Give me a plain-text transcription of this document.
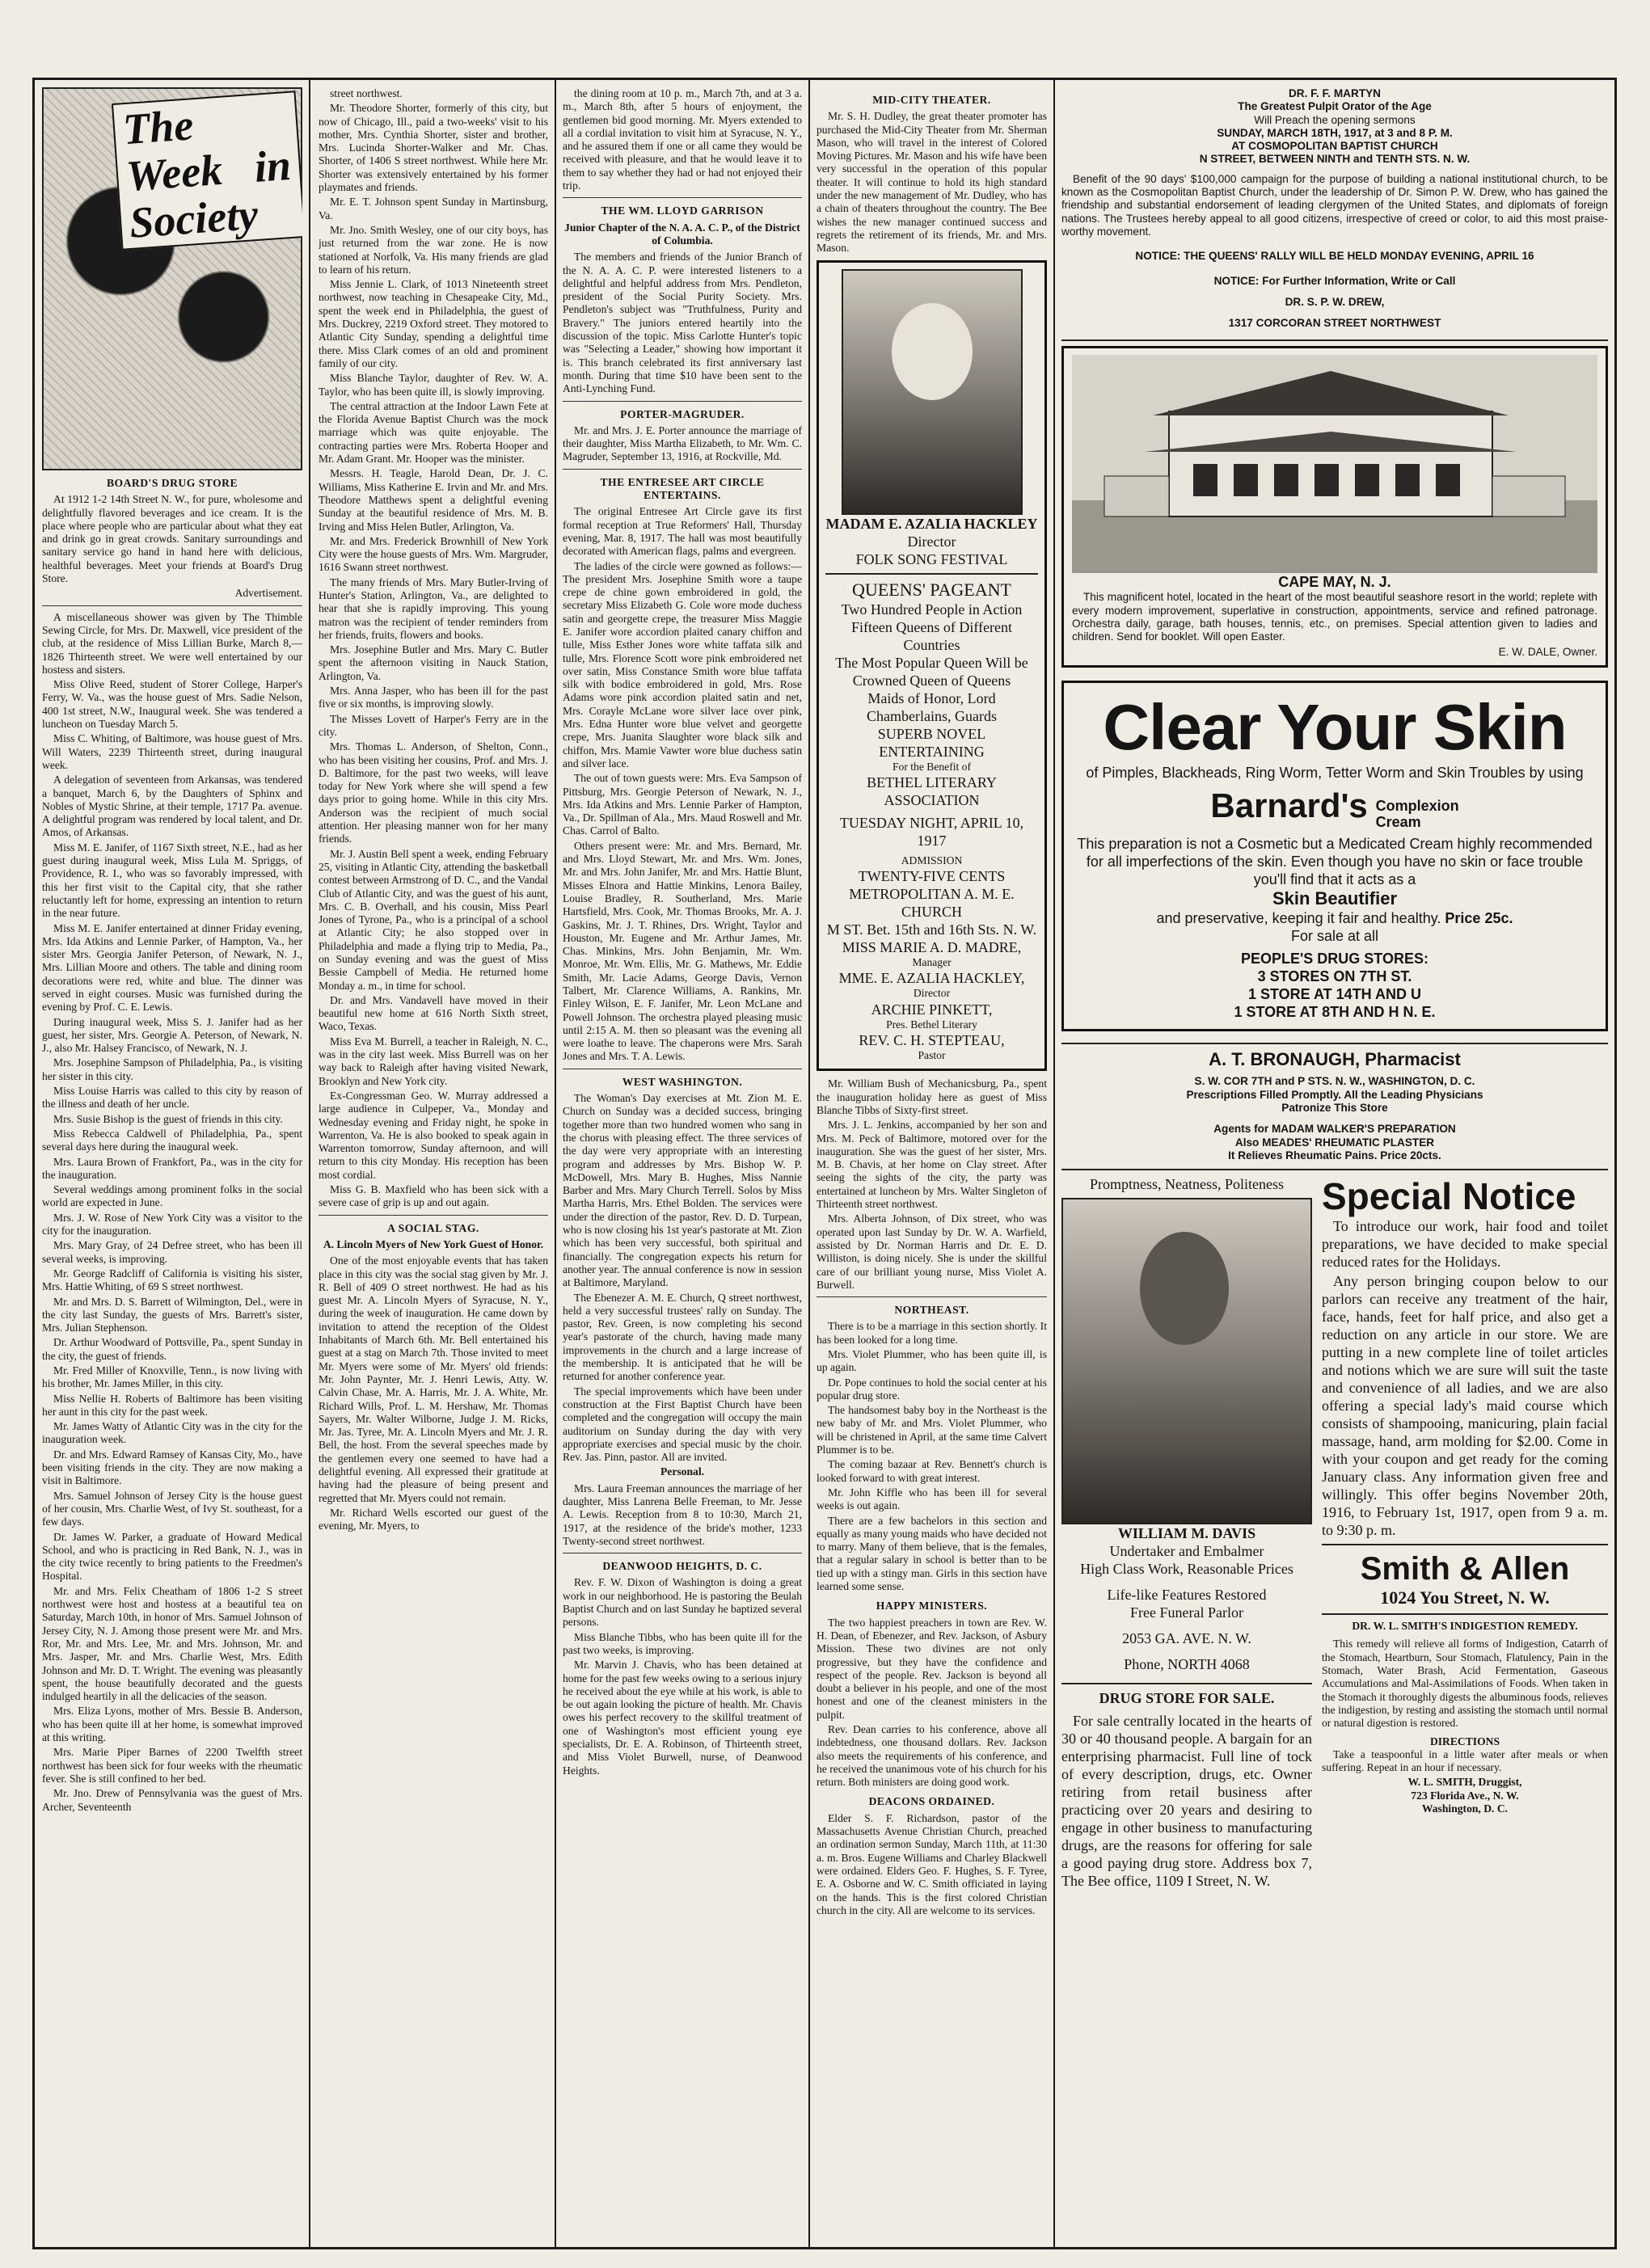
The Week in Society
BOARD'S DRUG STORE

At 1912 1-2 14th Street N. W., for pure, wholesome and delightfully flavored beverages and ice cream. It is the place where people who are particular about what they eat and drink go in great crowds. Sanitary surroundings and sanitary service go hand in hand here with delicious, healthful beverages. Meet your friends at Board's Drug Store.

Advertisement.

A miscellaneous shower was given by The Thimble Sewing Circle, for Mrs. Dr. Maxwell, vice president of the club, at the residence of Miss Lillian Burke, March 8,—1826 Thirteenth street. We were well entertained by our hostess and sisters.

Miss Olive Reed, student of Storer College, Harper's Ferry, W. Va., was the house guest of Mrs. Sadie Nelson, 400 1st street, N.W., Inaugural week. She was tendered a luncheon on Tuesday March 5.

Miss C. Whiting, of Baltimore, was house guest of Mrs. Will Waters, 2239 Thirteenth street, during inaugural week.

A delegation of seventeen from Arkansas, was tendered a banquet, March 6, by the Daughters of Sphinx and Nobles of Mystic Shrine, at their temple, 1717 Pa. avenue. A delightful program was rendered by local talent, and Dr. Amos, of Arkansas.

Miss M. E. Janifer, of 1167 Sixth street, N.E., had as her guest during inaugural week, Miss Lula M. Spriggs, of Providence, R. I., who was so favorably impressed, with this her first visit to the Capital city, that she rather reluctantly left for home, expressing an intention to return in the near future.

Miss M. E. Janifer entertained at dinner Friday evening, Mrs. Ida Atkins and Lennie Parker, of Hampton, Va., her sister Mrs. Georgia Janifer Peterson, of Newark, N. J., Mrs. Lillian Moore and others. The table and dining room decorations were red, white and blue. The dinner was served in eight courses. Music was furnished during the evening by Prof. C. E. Lewis.

During inaugural week, Miss S. J. Janifer had as her guest, her sister, Mrs. Georgie A. Peterson, of Newark, N. J., also Mr. Halsey Francisco, of Newark, N. J.

Mrs. Josephine Sampson of Philadelphia, Pa., is visiting her sister in this city.

Miss Louise Harris was called to this city by reason of the illness and death of her uncle.

Mrs. Susie Bishop is the guest of friends in this city.

Miss Rebecca Caldwell of Philadelphia, Pa., spent several days here during the inaugural week.

Mrs. Laura Brown of Frankfort, Pa., was in the city for the inauguration.

Several weddings among prominent folks in the social world are expected in June.

Mrs. J. W. Rose of New York City was a visitor to the city for the inauguration.

Mrs. Mary Gray, of 24 Defree street, who has been ill several weeks, is improving.

Mr. George Radcliff of California is visiting his sister, Mrs. Hattie Whiting, of 69 S street northwest.

Mr. and Mrs. D. S. Barrett of Wilmington, Del., were in the city last Sunday, the guests of Mrs. Barrett's sister, Mrs. Julian Stephenson.

Dr. Arthur Woodward of Pottsville, Pa., spent Sunday in the city, the guest of friends.

Mr. Fred Miller of Knoxville, Tenn., is now living with his brother, Mr. James Miller, in this city.

Miss Nellie H. Roberts of Baltimore has been visiting her aunt in this city for the past week.

Mr. James Watty of Atlantic City was in the city for the inauguration week.

Dr. and Mrs. Edward Ramsey of Kansas City, Mo., have been visiting friends in the city. They are now making a visit in Baltimore.

Mrs. Samuel Johnson of Jersey City is the house guest of her cousin, Mrs. Charlie West, of Ivy St. southeast, for a few days.

Dr. James W. Parker, a graduate of Howard Medical School, and who is practicing in Red Bank, N. J., was in the city twice recently to bring patients to the Freedmen's Hospital.

Mr. and Mrs. Felix Cheatham of 1806 1-2 S street northwest were host and hostess at a beautiful tea on Saturday, March 10th, in honor of Mrs. Samuel Johnson of Jersey City, N. J. Among those present were Mr. and Mrs. Ror, Mr. and Mrs. Lee, Mr. and Mrs. Johnson, Mr. and Mrs. Jasper, Mr. and Mrs. Charlie West, Mrs. Edith Johnson and Mr. D. T. Wright. The evening was pleasantly spent, the house beautifully decorated and the guests indulged heartily in all the delicacies of the season.

Mrs. Eliza Lyons, mother of Mrs. Bessie B. Anderson, who has been quite ill at her home, is somewhat improved at this writing.

Mrs. Marie Piper Barnes of 2200 Twelfth street northwest has been sick for four weeks with the rheumatic fever. She is still confined to her bed.

Mr. Jno. Drew of Pennsylvania was the guest of Mrs. Archer, Seventeenth

street northwest.

Mr. Theodore Shorter, formerly of this city, but now of Chicago, Ill., paid a two-weeks' visit to his mother, Mrs. Cynthia Shorter, sister and brother, Mrs. Lucinda Shorter-Walker and Mr. Chas. Shorter, of 1406 S street northwest. While here Mr. Shorter was extensively entertained by his former playmates and friends.

Mr. E. T. Johnson spent Sunday in Martinsburg, Va.

Mr. Jno. Smith Wesley, one of our city boys, has just returned from the war zone. He is now stationed at Norfolk, Va. His many friends are glad to learn of his return.

Miss Jennie L. Clark, of 1013 Nineteenth street northwest, now teaching in Chesapeake City, Md., spent the week end in Philadelphia, the guest of Mrs. Duckrey, 2219 Oxford street. They motored to Atlantic City Sunday, spending a delightful time there. Miss Clark comes of an old and prominent family of our city.

Miss Blanche Taylor, daughter of Rev. W. A. Taylor, who has been quite ill, is slowly improving.

The central attraction at the Indoor Lawn Fete at the Florida Avenue Baptist Church was the mock marriage which was quite enjoyable. The contracting parties were Mrs. Roberta Hooper and Mr. Adam Grant. Mr. Hooper was the minister.

Messrs. H. Teagle, Harold Dean, Dr. J. C. Williams, Miss Katherine E. Irvin and Mr. and Mrs. Theodore Matthews spent a delightful evening Sunday at the beautiful residence of Mrs. M. B. Irving and Miss Helen Butler, Arlington, Va.

Mr. and Mrs. Frederick Brownhill of New York City were the house guests of Mrs. Wm. Margruder, 1616 Swann street northwest.

The many friends of Mrs. Mary Butler-Irving of Hunter's Station, Arlington, Va., are delighted to hear that she is rapidly improving. This young matron was the recipient of tender reminders from her friends, fruits, flowers and books.

Mrs. Josephine Butler and Mrs. Mary C. Butler spent the afternoon visiting in Nauck Station, Arlington, Va.

Mrs. Anna Jasper, who has been ill for the past five or six months, is improving slowly.

The Misses Lovett of Harper's Ferry are in the city.

Mrs. Thomas L. Anderson, of Shelton, Conn., who has been visiting her cousins, Prof. and Mrs. J. D. Baltimore, for the past two weeks, will leave today for New York where she will spend a few days prior to going home. While in this city Mrs. Anderson was the recipient of much social attention. Her pleasing manner won for her many friends.

Mr. J. Austin Bell spent a week, ending February 25, visiting in Atlantic City, attending the basketball contest between Armstrong of D. C., and the Vandal Club of Atlantic City, and was the guest of his aunt, Mrs. C. B. Overhall, and his cousin, Miss Pearl Jones of Tyrone, Pa., who is a principal of a school at Atlantic City; he also stopped over in Philadelphia and made a flying trip to Media, Pa., on Sunday evening and was the guest of Miss Bessie Campbell of Media. He returned home Monday a. m., in time for school.

Dr. and Mrs. Vandavell have moved in their beautiful new home at 616 North Sixth street, Waco, Texas.

Miss Eva M. Burrell, a teacher in Raleigh, N. C., was in the city last week. Miss Burrell was on her way back to Raleigh after having visited Newark, Brooklyn and New York city.

Ex-Congressman Geo. W. Murray addressed a large audience in Culpeper, Va., Monday and Wednesday evening and Friday night, he spoke in Warrenton, Va. He is also booked to speak again in Warrenton tomorrow, Sunday afternoon, and will return to this city Monday. His reception has been most cordial.

Miss G. B. Maxfield who has been sick with a severe case of grip is up and out again.

A SOCIAL STAG.
A. Lincoln Myers of New York Guest of Honor.

One of the most enjoyable events that has taken place in this city was the social stag given by Mr. J. R. Bell of 409 O street northwest. He had as his guest Mr. A. Lincoln Myers of Syracuse, N. Y., during the week of inauguration. He came down by invitation to attend the reception of the Oldest Inhabitants of March 6th. Mr. Bell entertained his guest at a stag on March 7th. Those invited to meet Mr. Myers were some of Mr. Myers' old friends: Mr. John Paynter, Mr. J. Henri Lewis, Atty. W. Calvin Chase, Mr. A. Harris, Mr. J. A. White, Mr. Richard Wills, Prof. L. M. Hershaw, Mr. Thomas Sayers, Mr. Walter Wilborne, Judge J. M. Ricks, Mr. Jas. Tyree, Mr. A. Lincoln Myers and Mr. J. R. Bell, the host. From the several speeches made by the gentlemen every one seemed to have had a delightful evening. All expressed their gratitude at having had the pleasure of being present and regretted that Mr. Myers could not remain.

Mr. Richard Wells escorted our guest of the evening, Mr. Myers, to

the dining room at 10 p. m., March 7th, and at 3 a. m., March 8th, after 5 hours of enjoyment, the gentlemen bid good morning. Mr. Myers extended to all a cordial invitation to visit him at Syracuse, N. Y., and he assured them if one or all came they would be received with pleasure, and that he would leave it to them to say whether they had or had not enjoyed their trip.

THE WM. LLOYD GARRISON
Junior Chapter of the N. A. A. C. P., of the District of Columbia.

The members and friends of the Junior Branch of the N. A. A. C. P. were interested listeners to a delightful and helpful address from Mrs. Pendleton, president of the Social Purity Society. Mrs. Pendleton's subject was "Truthfulness, Purity and Bravery." The juniors entered heartily into the discussion of the topic. Miss Carlotte Hunter's topic was "Selecting a Leader," showing how important it is. This branch celebrated its first anniversary last month. During that time $10 have been sent to the Anti-Lynching Fund.

PORTER-MAGRUDER.

Mr. and Mrs. J. E. Porter announce the marriage of their daughter, Miss Martha Elizabeth, to Mr. Wm. C. Magruder, September 13, 1916, at Rockville, Md.

THE ENTRESEE ART CIRCLE ENTERTAINS.

The original Entresee Art Circle gave its first formal reception at True Reformers' Hall, Thursday evening, Mar. 8, 1917. The hall was most beautifully decorated with American flags, palms and evergreen.

The ladies of the circle were gowned as follows:— The president Mrs. Josephine Smith wore a taupe crepe de chine gown embroidered in gold, the secretary Miss Elizabeth G. Cole wore mode duchess satin and georgette crepe, the treasurer Miss Maggie E. Janifer wore accordion plaited canary chiffon and tulle, Miss Esther Jones wore white taffata silk and tulle, Mrs. Florence Scott wore pink embroidered net over satin, Miss Constance Smith wore blue taffata silk with bodice embroidered in gold, Mrs. Rose Adams wore pink accordion plaited satin and net, Mrs. Corayle McLane wore silver lace over pink, Mrs. Edna Hunter wore blue velvet and georgette crepe, Mrs. Juanita Slaughter wore black silk and chiffon, Mrs. Mamie Vawter wore blue duchess satin and silver lace.

The out of town guests were: Mrs. Eva Sampson of Pittsburg, Mrs. Georgie Peterson of Newark, N. J., Mrs. Ida Atkins and Mrs. Lennie Parker of Hampton, Va., Dr. Spillman of Ala., Mrs. Maud Roswell and Mr. Chas. Carrol of Balto.

Others present were: Mr. and Mrs. Bernard, Mr. and Mrs. Lloyd Stewart, Mr. and Mrs. Wm. Jones, Mr. and Mrs. John Janifer, Mr. and Mrs. Hattie Blunt, Misses Elnora and Hattie Minkins, Lenora Bailey, Louise Bradley, R. Southerland, Mrs. Marie Hartsfield, Mrs. Cook, Mr. Thomas Brooks, Mr. A. J. Gaskins, Mr. J. T. Rhines, Drs. Wright, Taylor and Houston, Mr. Eugene and Mr. Arthur James, Mr. Chas. Minkins, Mrs. John Benjamin, Mr. Wm. Monroe, Mr. Wm. Ellis, Mr. G. Mathews, Mr. Eddie Smith, Mr. Lacie Adams, George Davis, Vernon Talbert, Mr. Clarence Williams, A. Rankins, Mr. Finley Wilson, E. F. Janifer, Mr. Leon McLane and Powell Johnson. The orchestra played pleasing music until 2:15 A. M. then so pleasant was the evening all were loathe to leave. The chaperons were Mrs. Sarah Jones and Mrs. T. A. Lewis.

WEST WASHINGTON.

The Woman's Day exercises at Mt. Zion M. E. Church on Sunday was a decided success, bringing together more than two hundred women who sang in the chorus with pleasing effect. The three services of the day were very appropriate with an interesting program and addresses by Mrs. Bishop W. P. McDowell, Mrs. Mary B. Hughes, Miss Nannie Barber and Mrs. Mary Church Terrell. Solos by Miss Martha Harris, Mrs. Ethel Bolden. The services were under the direction of the pastor, Rev. D. D. Turpean, who is now closing his 1st year's pastorate at Mt. Zion which has been very successful, both spiritual and financially. The congregation expects his return for another year. The annual conference is now in session at Baltimore, Maryland.

The Ebenezer A. M. E. Church, Q street northwest, held a very successful trustees' rally on Sunday. The pastor, Rev. Green, is now completing his second year's pastorate of the church, having made many improvements in the church and a large increase of the membership. It is anticipated that he will be returned for another conference year.

The special improvements which have been under construction at the First Baptist Church have been completed and the congregation will occupy the main auditorium on Sunday during the day with very appropriate exercises and special music by the choir. Rev. Jas. Pinn, pastor. All are invited.

Personal.

Mrs. Laura Freeman announces the marriage of her daughter, Miss Lanrena Belle Freeman, to Mr. Jesse A. Lewis. Reception from 8 to 10:30, March 21, 1917, at the residence of the bride's mother, 1233 Twenty-second street northwest.

DEANWOOD HEIGHTS, D. C.

Rev. F. W. Dixon of Washington is doing a great work in our neighborhood. He is pastoring the Beulah Baptist Church and on last Sunday he baptized several persons.

Miss Blanche Tibbs, who has been quite ill for the past two weeks, is improving.

Mr. Marvin J. Chavis, who has been detained at home for the past few weeks owing to a serious injury he received about the eye while at his work, is able to be out again looking the picture of health. Mr. Chavis owes his perfect recovery to the skillful treatment of one of Washington's most efficient young eye specialists, Dr. E. A. Robinson, of Thirteenth street, and Miss Violet Burwell, nurse, of Deanwood Heights.

MID-CITY THEATER.

Mr. S. H. Dudley, the great theater promoter has purchased the Mid-City Theater from Mr. Sherman Mason, who will travel in the interest of Colored Moving Pictures. Mr. Mason and his wife have been very successful in the operation of this popular theater. It will continue to hold its high standard under the new management of Mr. Dudley, who has a chain of theaters throughout the country. The Bee wishes the new manager continued success and regrets the retirement of its friends, Mr. and Mrs. Mason.

MADAM E. AZALIA HACKLEY
Director
FOLK SONG FESTIVAL
QUEENS' PAGEANT
Two Hundred People in Action
Fifteen Queens of Different Countries
The Most Popular Queen Will be Crowned Queen of Queens
Maids of Honor, Lord Chamberlains, Guards
SUPERB NOVEL ENTERTAINING
For the Benefit of
BETHEL LITERARY ASSOCIATION
TUESDAY NIGHT, APRIL 10, 1917
ADMISSION
TWENTY-FIVE CENTS
METROPOLITAN A. M. E. CHURCH
M ST. Bet. 15th and 16th Sts. N. W.
MISS MARIE A. D. MADRE,
Manager
MME. E. AZALIA HACKLEY,
Director
ARCHIE PINKETT,
Pres. Bethel Literary
REV. C. H. STEPTEAU,
Pastor

Mr. William Bush of Mechanicsburg, Pa., spent the inauguration holiday here as guest of Miss Blanche Tibbs of Sixty-first street.

Mrs. J. L. Jenkins, accompanied by her son and Mrs. M. Peck of Baltimore, motored over for the inauguration. She was the guest of her sister, Mrs. M. B. Chavis, at her home on Clay street. After seeing the sights of the city, the party was entertained at luncheon by Mrs. Walter Singleton of Thirteenth street northwest.

Mrs. Alberta Johnson, of Dix street, who was operated upon last Sunday by Dr. W. A. Warfield, assisted by Dr. Norman Harris and Dr. E. D. Williston, is doing nicely. She is under the skillful care of our brilliant young nurse, Miss Violet A. Burwell.

NORTHEAST.

There is to be a marriage in this section shortly. It has been looked for a long time.

Mrs. Violet Plummer, who has been quite ill, is up again.

Dr. Pope continues to hold the social center at his popular drug store.

The handsomest baby boy in the Northeast is the new baby of Mr. and Mrs. Violet Plummer, who will be christened in April, at the same time Calvert Plummer is to be.

The coming bazaar at Rev. Bennett's church is looked forward to with great interest.

Mr. John Kiffle who has been ill for several weeks is out again.

There are a few bachelors in this section and equally as many young maids who have decided not to marry. Many of them believe, that is the females, that a regular salary in school is better than to be tied up with a stingy man. Girls in this section have learned some sense.

HAPPY MINISTERS.

The two happiest preachers in town are Rev. W. H. Dean, of Ebenezer, and Rev. Jackson, of Asbury Mission. These two divines are not only progressive, but they have the confidence and respect of the people. Rev. Jackson is beyond all doubt a believer in his people, and one of the most honest and one of the cleanest ministers in the pulpit.

Rev. Dean carries to his conference, above all indebtedness, one thousand dollars. Rev. Jackson also meets the requirements of his conference, and he received the unanimous vote of his church for his return. Both ministers are doing good work.

DEACONS ORDAINED.

Elder S. F. Richardson, pastor of the Massachusetts Avenue Christian Church, preached an ordination sermon Sunday, March 11th, at 11:30 a. m. Bros. Eugene Williams and Charley Blackwell were ordained. Elders Geo. F. Hughes, S. F. Tyree, E. A. Osborne and W. C. Smith officiated in laying on the hands. This is the first colored Christian church in the city. All are welcome to its services.

DR. F. F. MARTYN
The Greatest Pulpit Orator of the Age
Will Preach the opening sermons
SUNDAY, MARCH 18TH, 1917, at 3 and 8 P. M.
AT COSMOPOLITAN BAPTIST CHURCH
N STREET, BETWEEN NINTH and TENTH STS. N. W.

Benefit of the 90 days' $100,000 campaign for the purpose of building a national institutional church, to be known as the Cosmopolitan Baptist Church, under the leadership of Dr. Simon P. W. Drew, who has gained the friendship and substantial endorsement of leading clergymen of the United States, and diplomats of foreign nations. The Trustees hereby appeal to all good citizens, irrespective of creed or color, to aid this most praise-worthy movement.

NOTICE: THE QUEENS' RALLY WILL BE HELD MONDAY EVENING, APRIL 16
NOTICE: For Further Information, Write or Call
DR. S. P. W. DREW,
1317 CORCORAN STREET NORTHWEST
CAPE MAY, N. J.

This magnificent hotel, located in the heart of the most beautiful seashore resort in the world; replete with every modern improvement, superlative in construction, appointments, service and refined patronage. Orchestra daily, garage, bath houses, tennis, etc., on premises. Special attention given to ladies and children. Send for booklet. Will open Easter.

E. W. DALE, Owner.
Clear Your Skin
of Pimples, Blackheads, Ring Worm, Tetter Worm and Skin Troubles by using
Barnard's Complexion
Cream
This preparation is not a Cosmetic but a Medicated Cream highly recommended for all imperfections of the skin. Even though you have no skin or face trouble you'll find that it acts as a
Skin Beautifier
and preservative, keeping it fair and healthy. Price 25c.
For sale at all
PEOPLE'S DRUG STORES:
3 STORES ON 7TH ST.
1 STORE AT 14TH AND U
1 STORE AT 8TH AND H N. E.
A. T. BRONAUGH, Pharmacist
S. W. COR 7TH and P STS. N. W., WASHINGTON, D. C.
Prescriptions Filled Promptly. All the Leading Physicians
Patronize This Store
Agents for MADAM WALKER'S PREPARATION
Also MEADES' RHEUMATIC PLASTER
It Relieves Rheumatic Pains. Price 20cts.
Promptness, Neatness, Politeness
WILLIAM M. DAVIS
Undertaker and Embalmer
High Class Work, Reasonable Prices
Life-like Features Restored
Free Funeral Parlor
2053 GA. AVE. N. W.
Phone, NORTH 4068
DRUG STORE FOR SALE.

For sale centrally located in the hearts of 30 or 40 thousand people. A bargain for an enterprising pharmacist. Full line of tock of every description, drugs, etc. Owner retiring from retail business after practicing over 20 years and desiring to engage in other business to manufacturing drugs, are the reasons for offering for sale a good paying drug store. Address box 7, The Bee office, 1109 I Street, N. W.

Special Notice

To introduce our work, hair food and toilet preparations, we have decided to make special reduced rates for the Holidays.

Any person bringing coupon below to our parlors can receive any treatment of the hair, face, hands, feet for half price, and also get a reduction on any article in our store. We are putting in a new complete line of toilet articles and notions which we are sure will suit the taste and convenience of all ladies, and we are also offering a special lady's maid course which consists of shampooing, manicuring, plain facial massage, hand, arm molding for $2.00. Come in with your coupon and get ready for the coming January class. Any information given free and willingly. This offer begins November 20th, 1916, to February 1st, 1917, open from 9 a. m. to 9:30 p. m.

Smith & Allen
1024 You Street, N. W.
DR. W. L. SMITH'S INDIGESTION REMEDY.

This remedy will relieve all forms of Indigestion, Catarrh of the Stomach, Heartburn, Sour Stomach, Flatulency, Pain in the Stomach, Water Brash, Acid Fermentation, Gaseous Accumulations and Mal-Assimilations of Foods. When taken in the Stomach it thoroughly digests the albuminous foods, relieves the indigestion, by resting and assisting the stomach until normal or natural digestion is restored.

DIRECTIONS

Take a teaspoonful in a little water after meals or when suffering. Repeat in an hour if necessary.

W. L. SMITH, Druggist,
723 Florida Ave., N. W.
Washington, D. C.
